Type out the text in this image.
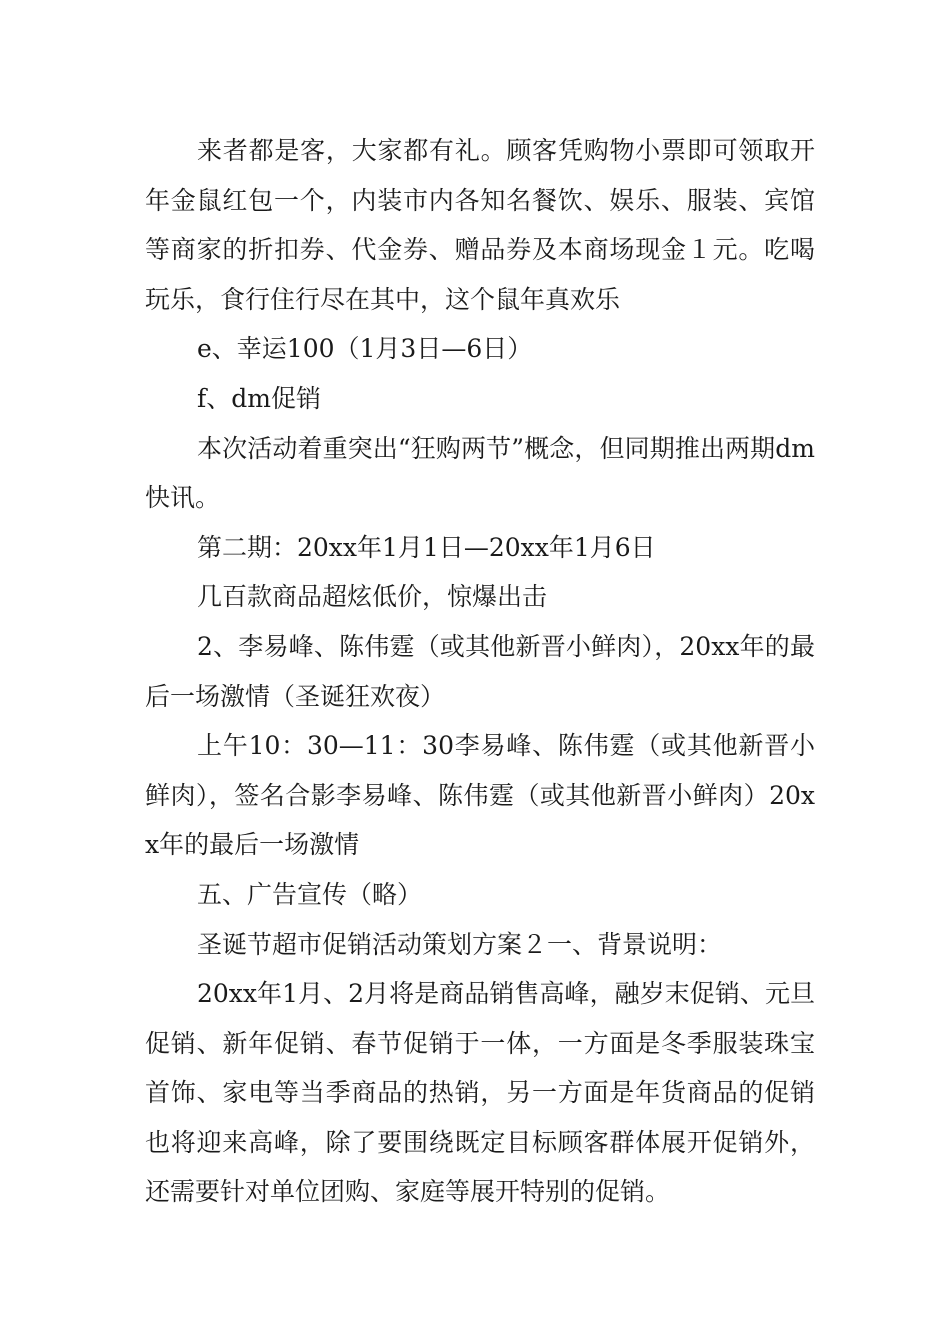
来者都是客，大家都有礼。顾客凭购物小票即可领取开年金鼠红包一个，内装市内各知名餐饮、娱乐、服装、宾馆等商家的折扣券、代金券、赠品券及本商场现金１元。吃喝玩乐，食行住行尽在其中，这个鼠年真欢乐

e、幸运100（1月3日—6日）

f、dm促销

本次活动着重突出“狂购两节”概念，但同期推出两期dm快讯。

第二期：20xx年1月1日—20xx年1月6日

几百款商品超炫低价，惊爆出击

2、李易峰、陈伟霆（或其他新晋小鲜肉），20xx年的最后一场激情（圣诞狂欢夜）

上午10：30—11：30李易峰、陈伟霆（或其他新晋小鲜肉），签名合影李易峰、陈伟霆（或其他新晋小鲜肉）20xx年的最后一场激情

五、广告宣传（略）

圣诞节超市促销活动策划方案２一、背景说明：

20xx年1月、2月将是商品销售高峰，融岁末促销、元旦促销、新年促销、春节促销于一体，一方面是冬季服装珠宝首饰、家电等当季商品的热销，另一方面是年货商品的促销也将迎来高峰，除了要围绕既定目标顾客群体展开促销外，还需要针对单位团购、家庭等展开特别的促销。
